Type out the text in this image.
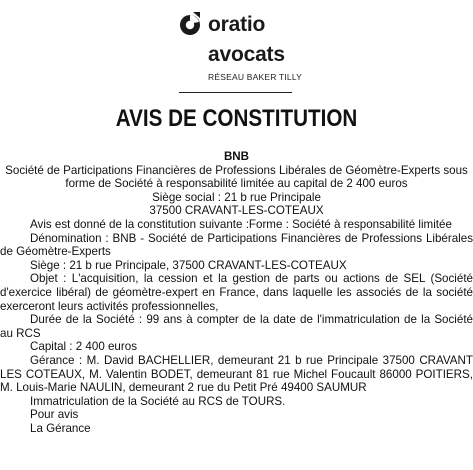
oratio
avocats
RÉSEAU BAKER TILLY
AVIS DE CONSTITUTION
BNB
Société de Participations Financières de Professions Libérales de Géomètre-Experts sous forme de Société à responsabilité limitée au capital de 2 400 euros
Siège social : 21 b rue Principale
37500 CRAVANT-LES-COTEAUX
Avis est donné de la constitution suivante :Forme : Société à responsabilité limitée
Dénomination : BNB - Société de Participations Financières de Professions Libérales de Géomètre-Experts
Siège : 21 b rue Principale, 37500 CRAVANT-LES-COTEAUX
Objet : L'acquisition, la cession et la gestion de parts ou actions de SEL (Société d'exercice libéral) de géomètre-expert en France, dans laquelle les associés de la société exerceront leurs activités professionnelles,
Durée de la Société : 99 ans à compter de la date de l'immatriculation de la Société au RCS
Capital : 2 400 euros
Gérance : M. David BACHELLIER, demeurant 21 b rue Principale 37500 CRAVANT LES COTEAUX, M. Valentin BODET, demeurant 81 rue Michel Foucault 86000 POITIERS, M. Louis-Marie NAULIN, demeurant 2 rue du Petit Pré 49400 SAUMUR
Immatriculation de la Société au RCS de TOURS.
Pour avis
La Gérance
